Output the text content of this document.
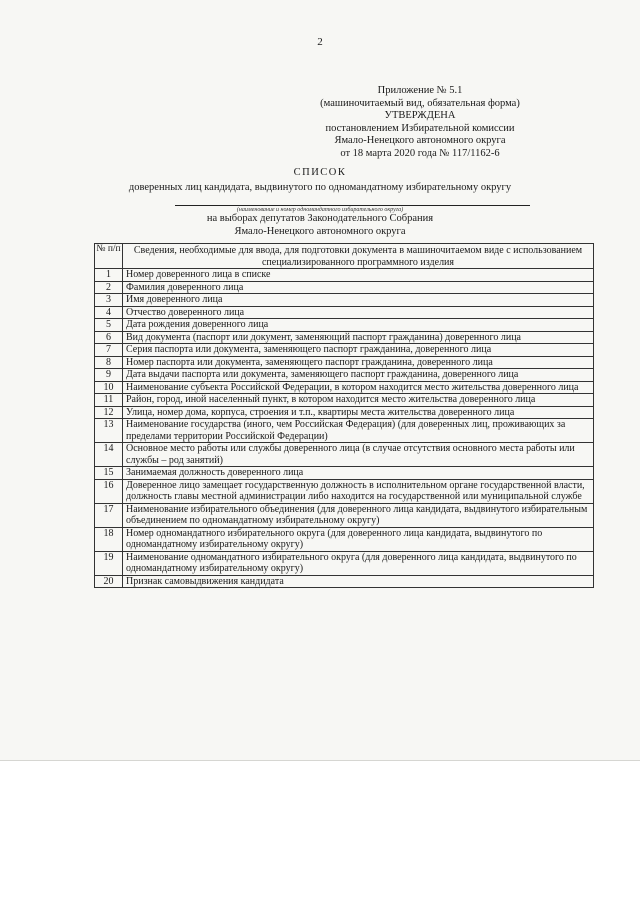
2
Приложение № 5.1
(машиночитаемый вид, обязательная форма)
УТВЕРЖДЕНА
постановлением Избирательной комиссии
Ямало-Ненецкого автономного округа
от 18 марта 2020 года № 117/1162-6
СПИСОК
доверенных лиц кандидата, выдвинутого по одномандатному избирательному округу
(наименование и номер одномандатного избирательного округа)
на выборах депутатов Законодательного Собрания
Ямало-Ненецкого автономного округа
№ п/п	Сведения, необходимые для ввода, для подготовки документа в машиночитаемом виде с использованием специализированного программного изделия
1	Номер доверенного лица в списке
2	Фамилия доверенного лица
3	Имя доверенного лица
4	Отчество доверенного лица
5	Дата рождения доверенного лица
6	Вид документа (паспорт или документ, заменяющий паспорт гражданина) доверенного лица
7	Серия паспорта или документа, заменяющего паспорт гражданина, доверенного лица
8	Номер паспорта или документа, заменяющего паспорт гражданина, доверенного лица
9	Дата выдачи паспорта или документа, заменяющего паспорт гражданина, доверенного лица
10	Наименование субъекта Российской Федерации, в котором находится место жительства доверенного лица
11	Район, город, иной населенный пункт, в котором находится место жительства доверенного лица
12	Улица, номер дома, корпуса, строения и т.п., квартиры места жительства доверенного лица
13	Наименование государства (иного, чем Российская Федерация) (для доверенных лиц, проживающих за пределами территории Российской Федерации)
14	Основное место работы или службы доверенного лица (в случае отсутствия основного места работы или службы – род занятий)
15	Занимаемая должность доверенного лица
16	Доверенное лицо замещает государственную должность в исполнительном органе государственной власти, должность главы местной администрации либо находится на государственной или муниципальной службе
17	Наименование избирательного объединения (для доверенного лица кандидата, выдвинутого избирательным объединением по одномандатному избирательному округу)
18	Номер одномандатного избирательного округа (для доверенного лица кандидата, выдвинутого по одномандатному избирательному округу)
19	Наименование одномандатного избирательного округа (для доверенного лица кандидата, выдвинутого по одномандатному избирательному округу)
20	Признак самовыдвижения кандидата
